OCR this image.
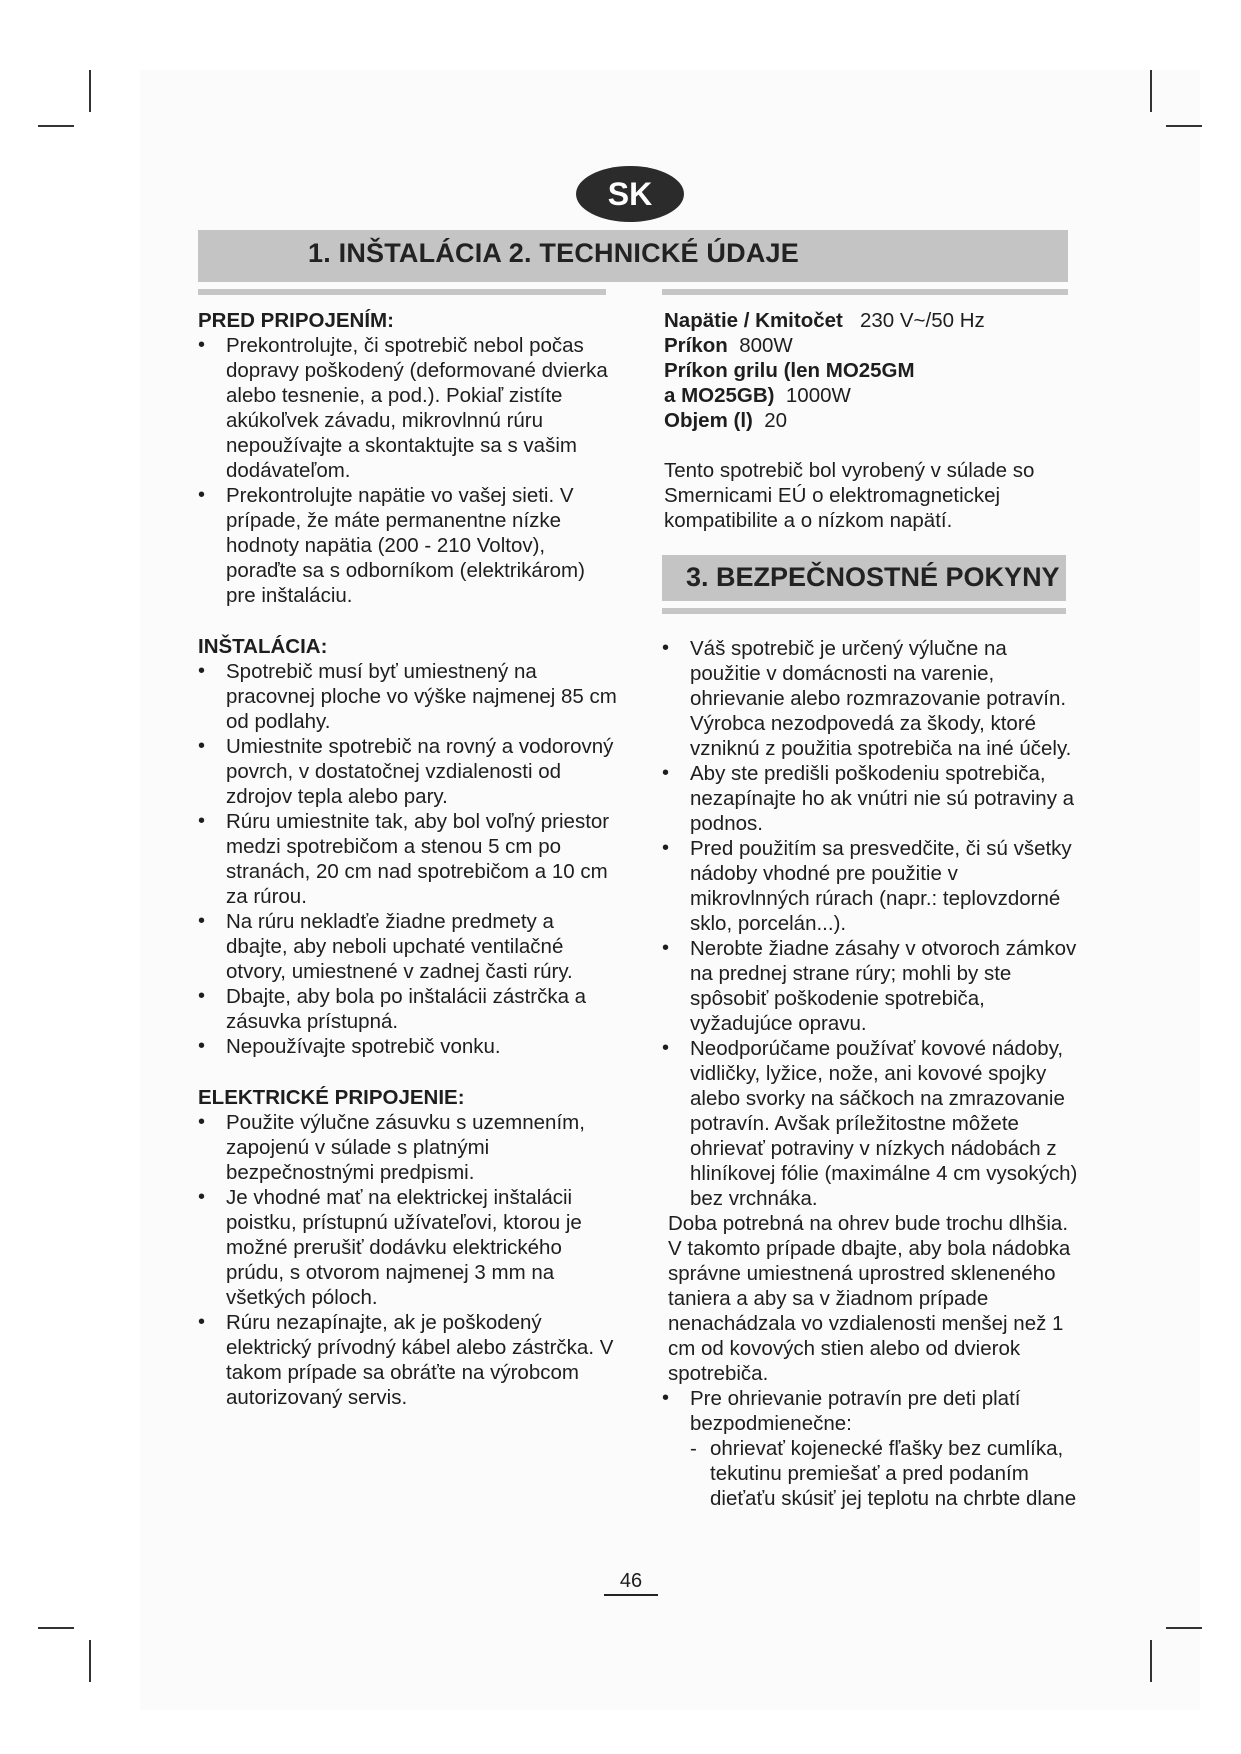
SK
1. INŠTALÁCIA 2. TECHNICKÉ ÚDAJE

PRED PRIPOJENÍM:

• Prekontrolujte, či spotrebič nebol počas dopravy poškodený (deformované dvierka alebo tesnenie, a pod.). Pokiaľ zistíte akúkoľvek závadu, mikrovlnnú rúru nepoužívajte a skontaktujte sa s vašim dodávateľom.
• Prekontrolujte napätie vo vašej sieti. V prípade, že máte permanentne nízke hodnoty napätia (200 - 210 Voltov), poraďte sa s odborníkom (elektrikárom) pre inštaláciu.

INŠTALÁCIA:

• Spotrebič musí byť umiestnený na pracovnej ploche vo výške najmenej 85 cm od podlahy.
• Umiestnite spotrebič na rovný a vodorovný povrch, v dostatočnej vzdialenosti od zdrojov tepla alebo pary.
• Rúru umiestnite tak, aby bol voľný priestor medzi spotrebičom a stenou 5 cm po stranách, 20 cm nad spotrebičom a 10 cm za rúrou.
• Na rúru nekladťe žiadne predmety a dbajte, aby neboli upchaté ventilačné otvory, umiestnené v zadnej časti rúry.
• Dbajte, aby bola po inštalácii zástrčka a zásuvka prístupná.
• Nepoužívajte spotrebič vonku.

ELEKTRICKÉ PRIPOJENIE:

• Použite výlučne zásuvku s uzemnením, zapojenú v súlade s platnými bezpečnostnými predpismi.
• Je vhodné mať na elektrickej inštalácii poistku, prístupnú užívateľovi, ktorou je možné prerušiť dodávku elektrického prúdu, s otvorom najmenej 3 mm na všetkých póloch.
• Rúru nezapínajte, ak je poškodený elektrický prívodný kábel alebo zástrčka. V takom prípade sa obráťte na výrobcom autorizovaný servis.

Napätie / Kmitočet 230 V~/50 Hz

Príkon 800W

Príkon grilu (len MO25GM

a MO25GB) 1000W

Objem (l) 20

Tento spotrebič bol vyrobený v súlade so Smernicami EÚ o elektromagnetickej kompatibilite a o nízkom napätí.

3. BEZPEČNOSTNÉ POKYNY
• Váš spotrebič je určený výlučne na použitie v domácnosti na varenie, ohrievanie alebo rozmrazovanie potravín. Výrobca nezodpovedá za škody, ktoré vzniknú z použitia spotrebiča na iné účely.
• Aby ste predišli poškodeniu spotrebiča, nezapínajte ho ak vnútri nie sú potraviny a podnos.
• Pred použitím sa presvedčite, či sú všetky nádoby vhodné pre použitie v mikrovlnných rúrach (napr.: teplovzdorné sklo, porcelán...).
• Nerobte žiadne zásahy v otvoroch zámkov na prednej strane rúry; mohli by ste spôsobiť poškodenie spotrebiča, vyžadujúce opravu.
• Neodporúčame používať kovové nádoby, vidličky, lyžice, nože, ani kovové spojky alebo svorky na sáčkoch na zmrazovanie potravín. Avšak príležitostne môžete ohrievať potraviny v nízkych nádobách z hliníkovej fólie (maximálne 4 cm vysokých) bez vrchnáka.

Doba potrebná na ohrev bude trochu dlhšia. V takomto prípade dbajte, aby bola nádobka správne umiestnená uprostred skleneného taniera a aby sa v žiadnom prípade nenachádzala vo vzdialenosti menšej než 1 cm od kovových stien alebo od dvierok spotrebiča.

• Pre ohrievanie potravín pre deti platí bezpodmienečne:
- ohrievať kojenecké fľašky bez cumlíka, tekutinu premiešať a pred podaním dieťaťu skúsiť jej teplotu na chrbte dlane
46
